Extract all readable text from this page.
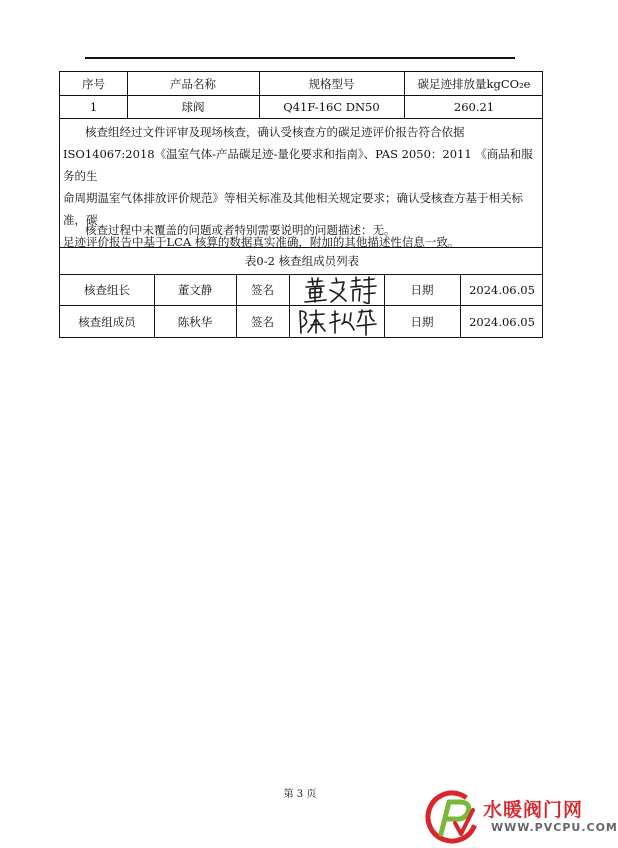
序号	产品名称	规格型号	碳足迹排放量kgCO₂e
1	球阀	Q41F-16C DN50	260.21
核查组经过文件评审及现场核查，确认受核查方的碳足迹评价报告符合依据
ISO14067:2018《温室气体-产品碳足迹-量化要求和指南》、PAS 2050：2011 《商品和服务的生
命周期温室气体排放评价规范》等相关标准及其他相关规定要求；确认受核查方基于相关标准，碳
足迹评价报告中基于LCA 核算的数据真实准确，附加的其他描述性信息一致。
核查过程中未覆盖的问题或者特别需要说明的问题描述：无。
表0-2 核查组成员列表
核查组长	董文静	签名	日期	2024.06.05
核查组成员	陈秋华	签名	日期	2024.06.05
第 3 页
水暖阀门网
WWW.PVCPU.COM
